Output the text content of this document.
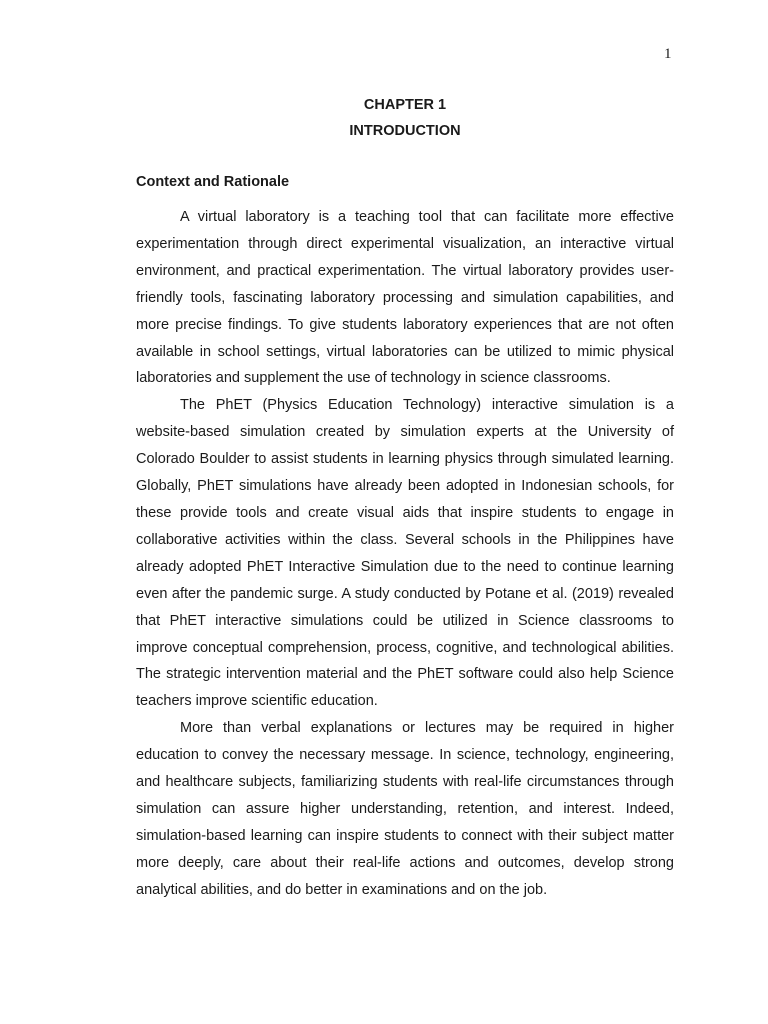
1
CHAPTER 1
INTRODUCTION
Context and Rationale

A virtual laboratory is a teaching tool that can facilitate more effective experimentation through direct experimental visualization, an interactive virtual environment, and practical experimentation. The virtual laboratory provides user-friendly tools, fascinating laboratory processing and simulation capabilities, and more precise findings. To give students laboratory experiences that are not often available in school settings, virtual laboratories can be utilized to mimic physical laboratories and supplement the use of technology in science classrooms.

The PhET (Physics Education Technology) interactive simulation is a website-based simulation created by simulation experts at the University of Colorado Boulder to assist students in learning physics through simulated learning. Globally, PhET simulations have already been adopted in Indonesian schools, for these provide tools and create visual aids that inspire students to engage in collaborative activities within the class. Several schools in the Philippines have already adopted PhET Interactive Simulation due to the need to continue learning even after the pandemic surge. A study conducted by Potane et al. (2019) revealed that PhET interactive simulations could be utilized in Science classrooms to improve conceptual comprehension, process, cognitive, and technological abilities. The strategic intervention material and the PhET software could also help Science teachers improve scientific education.

More than verbal explanations or lectures may be required in higher education to convey the necessary message. In science, technology, engineering, and healthcare subjects, familiarizing students with real-life circumstances through simulation can assure higher understanding, retention, and interest. Indeed, simulation-based learning can inspire students to connect with their subject matter more deeply, care about their real-life actions and outcomes, develop strong analytical abilities, and do better in examinations and on the job.
